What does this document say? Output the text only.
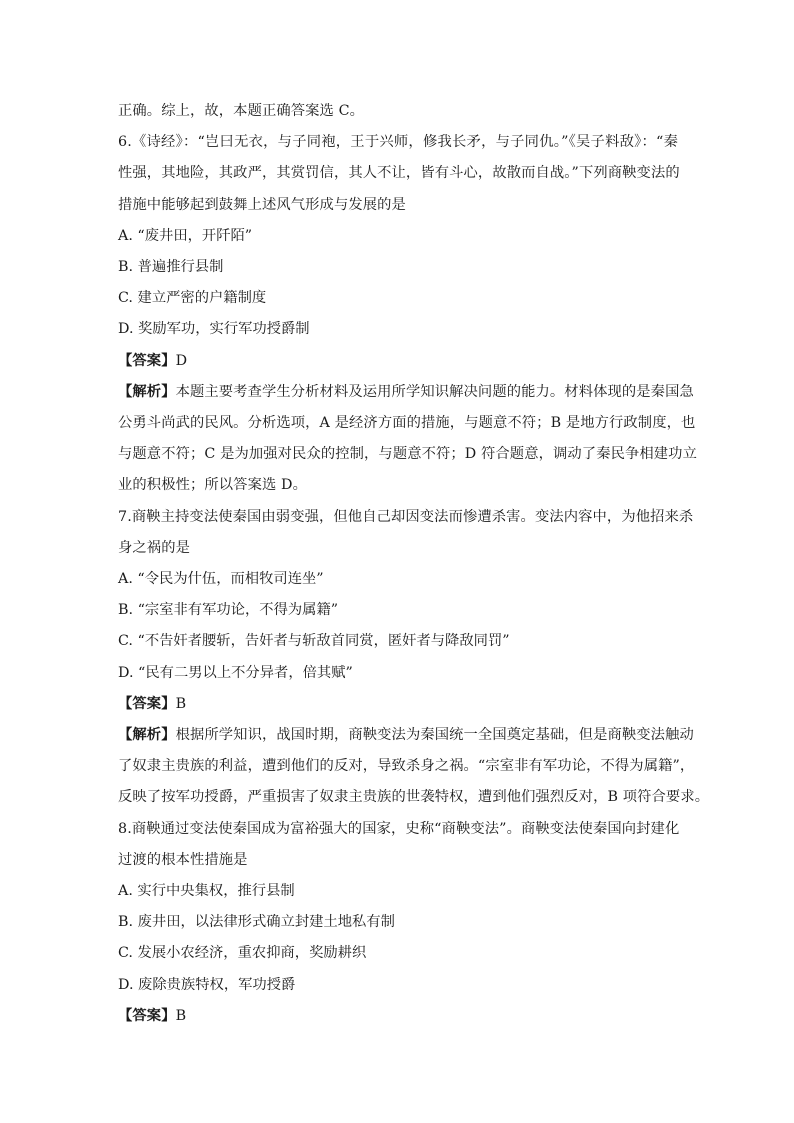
正确。综上，故，本题正确答案选 C。
6.《诗经》：“岂曰无衣，与子同袍，王于兴师，修我长矛，与子同仇。”《吴子料敌》：“秦
性强，其地险，其政严，其赏罚信，其人不让，皆有斗心，故散而自战。”下列商鞅变法的
措施中能够起到鼓舞上述风气形成与发展的是
A. “废井田，开阡陌”
B. 普遍推行县制
C. 建立严密的户籍制度
D. 奖励军功，实行军功授爵制
【答案】D
【解析】本题主要考查学生分析材料及运用所学知识解决问题的能力。材料体现的是秦国急
公勇斗尚武的民风。分析选项，A 是经济方面的措施，与题意不符；B 是地方行政制度，也
与题意不符；C 是为加强对民众的控制，与题意不符；D 符合题意，调动了秦民争相建功立
业的积极性；所以答案选 D。
7.商鞅主持变法使秦国由弱变强，但他自己却因变法而惨遭杀害。变法内容中，为他招来杀
身之祸的是
A. “令民为什伍，而相牧司连坐”
B. “宗室非有军功论，不得为属籍”
C. “不告奸者腰斩，告奸者与斩敌首同赏，匿奸者与降敌同罚”
D. “民有二男以上不分异者，倍其赋”
【答案】B
【解析】根据所学知识，战国时期，商鞅变法为秦国统一全国奠定基础，但是商鞅变法触动
了奴隶主贵族的利益，遭到他们的反对，导致杀身之祸。“宗室非有军功论，不得为属籍”，
反映了按军功授爵，严重损害了奴隶主贵族的世袭特权，遭到他们强烈反对，B 项符合要求。
8.商鞅通过变法使秦国成为富裕强大的国家，史称“商鞅变法”。商鞅变法使秦国向封建化
过渡的根本性措施是
A. 实行中央集权，推行县制
B. 废井田，以法律形式确立封建土地私有制
C. 发展小农经济，重农抑商，奖励耕织
D. 废除贵族特权，军功授爵
【答案】B
